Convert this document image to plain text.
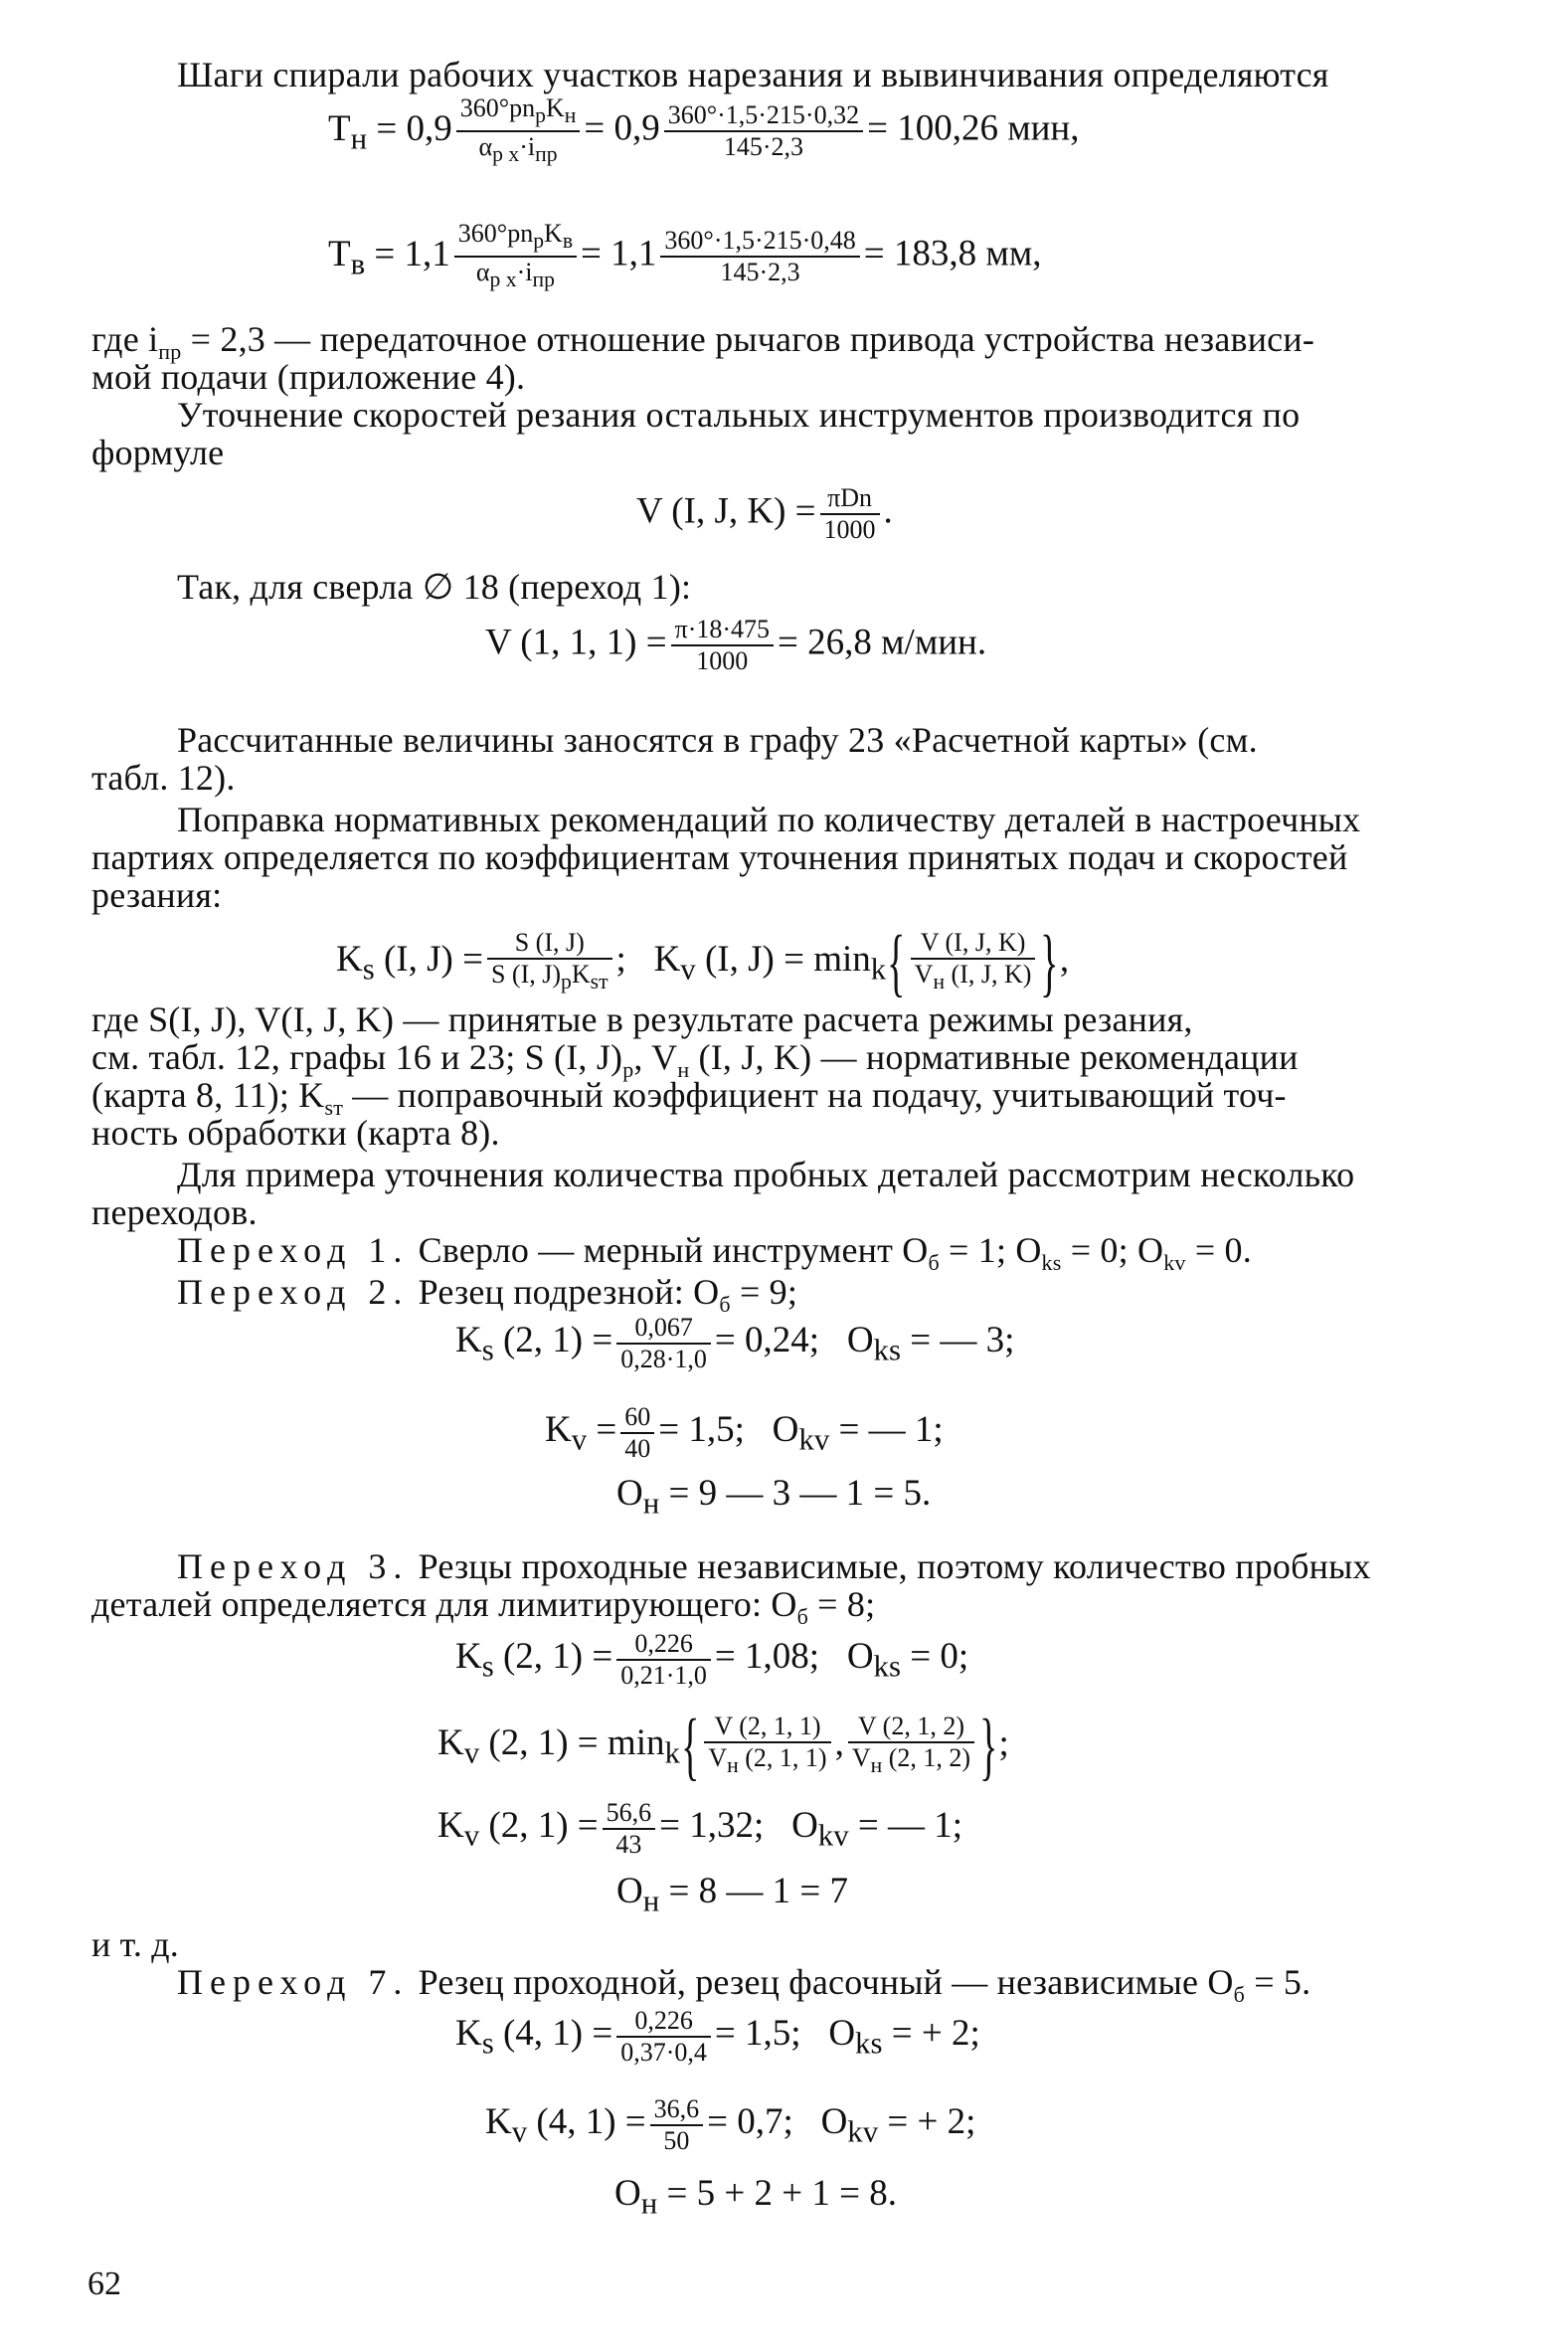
Шаги спирали рабочих участков нарезания и вывинчивания определяются
$T_н = 0,9$
$360^\circ pn_pK_н$
$\alpha_{p x}\cdot i_{пр}$
= $0,9 \frac{360^\circ\cdot 1,5\cdot 215\cdot 0,32}{145\cdot 2,3} = 100,26$ мин,
$T_в = 1,1$
$360^\circ pn_pK_в$
$\alpha_{p x}\cdot i_{пр}$
= $1,1 \frac{360^\circ\cdot 1,5\cdot 215\cdot 0,48}{145\cdot 2,3} = 183,8$ мм,
где $i_{пр} = 2,3$ — передаточное отношение рычагов привода устройства независи-
мой подачи (приложение 4).
Уточнение скоростей резания остальных инструментов производится по
формуле
V (I, J, K) = πDn
1000 .
Так, для сверла ∅ 18 (переход 1):
V (1, 1, $1) = \frac{\pi\cdot 18\cdot 475}{1000} = 26,8$ м/мин.
Рассчитанные величины заносятся в графу 23 «Расчетной карты» (см.
табл. 12).
Поправка нормативных рекомендаций по количеству деталей в настроечных
партиях определяется по коэффициентам уточнения принятых подач и скоростей
резания:
$K_s$ (I, J) =	S (I, J)
S (I, $J)_pK_{sт}$
;   $K_v$ (I, $J) = \min_k${ V (I, J, K)
$V_н$ (I, J, K) },
где S(I, J), V(I, J, K) — принятые в результате расчета режимы резания,
см. табл. 12, графы 16 и 23; S (I, $J)_p$, $V_н$ (I, J, K) — нормативные рекомендации
(карта 8, 11); $K_{sт}$ — поправочный коэффициент на подачу, учитывающий точ-
ность обработки (карта 8).
Для примера уточнения количества пробных деталей рассмотрим несколько
переходов.
Переход 1. Сверло — мерный инструмент $O_б = 1$; $O_{ks} = 0$; $O_{kv} = 0$.
Переход 2. Резец подрезной: $O_б = 9$;
$K_s$ (2, $1) = \frac{0,067}{0,28\cdot 1,0} = 0,24$;   $O_{ks}$ = — 3;
$K_v = \frac{60}{40} = 1,5$;   $O_{kv}$ = — 1;
$O_н = 9$ — 3 — 1 = 5.
Переход 3. Резцы проходные независимые, поэтому количество пробных
деталей определяется для лимитирующего: $O_б = 8$;
$K_s$ (2, $1) = \frac{0,226}{0,21\cdot 1,0} = 1,08$;   $O_{ks} = 0$;
$K_v$ (2, $1) = \min_k${ V (2, 1, 1)
$V_н$ (2, 1, 1) , V (2, 1, 2)
$V_н$ (2, 1, 2) };
$K_v$ (2, $1) = \frac{56,6}{43} = 1,32$;   $O_{kv}$ = — 1;
$O_н = 8$ — 1 = 7
и т. д.
Переход 7. Резец проходной, резец фасочный — независимые $O_б = 5$.
$K_s$ (4, $1) = \frac{0,226}{0,37\cdot 0,4} = 1,5$;   $O_{ks}$ = + 2;
$K_v$ (4, $1) = \frac{36,6}{50} = 0,7$;   $O_{kv}$ = + 2;
$O_н = 5 + 2 + 1 = 8$.
62
